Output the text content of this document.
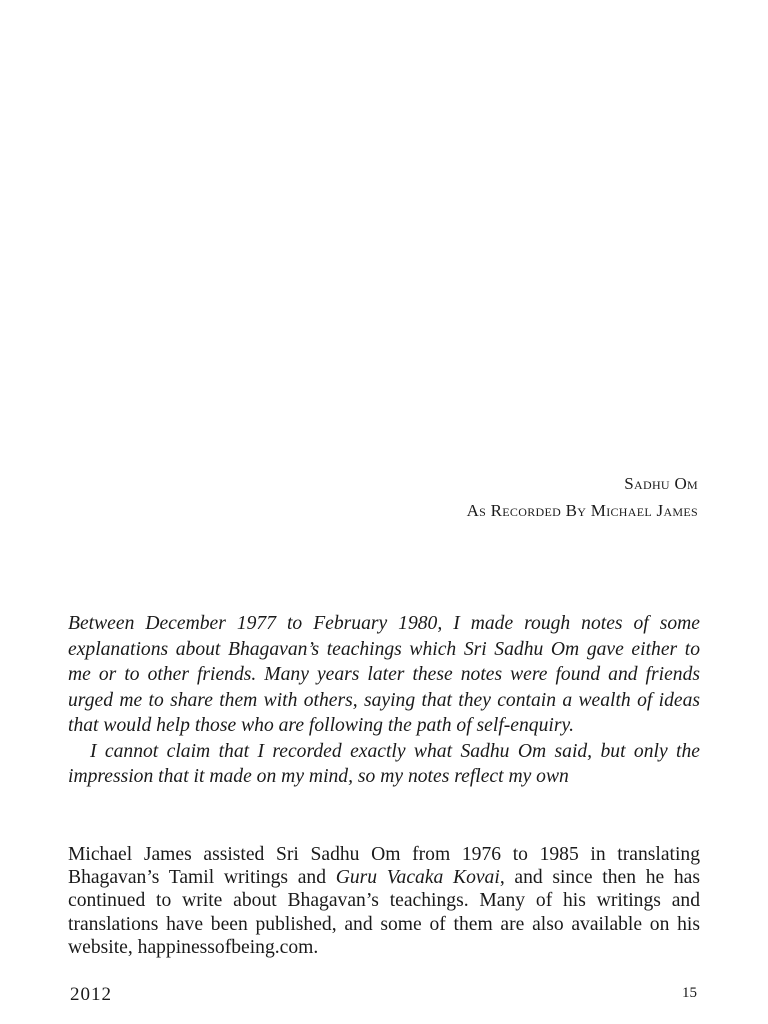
Sadhu Om
As Recorded By Michael James

Between December 1977 to February 1980, I made rough notes of some explanations about Bhagavan’s teachings which Sri Sadhu Om gave either to me or to other friends. Many years later these notes were found and friends urged me to share them with others, saying that they contain a wealth of ideas that would help those who are following the path of self-enquiry.

I cannot claim that I recorded exactly what Sadhu Om said, but only the impression that it made on my mind, so my notes reflect my own

Michael James assisted Sri Sadhu Om from 1976 to 1985 in translating Bhagavan’s Tamil writings and Guru Vacaka Kovai, and since then he has continued to write about Bhagavan’s teachings. Many of his writings and translations have been published, and some of them are also available on his website, happinessofbeing.com.
2012	15
